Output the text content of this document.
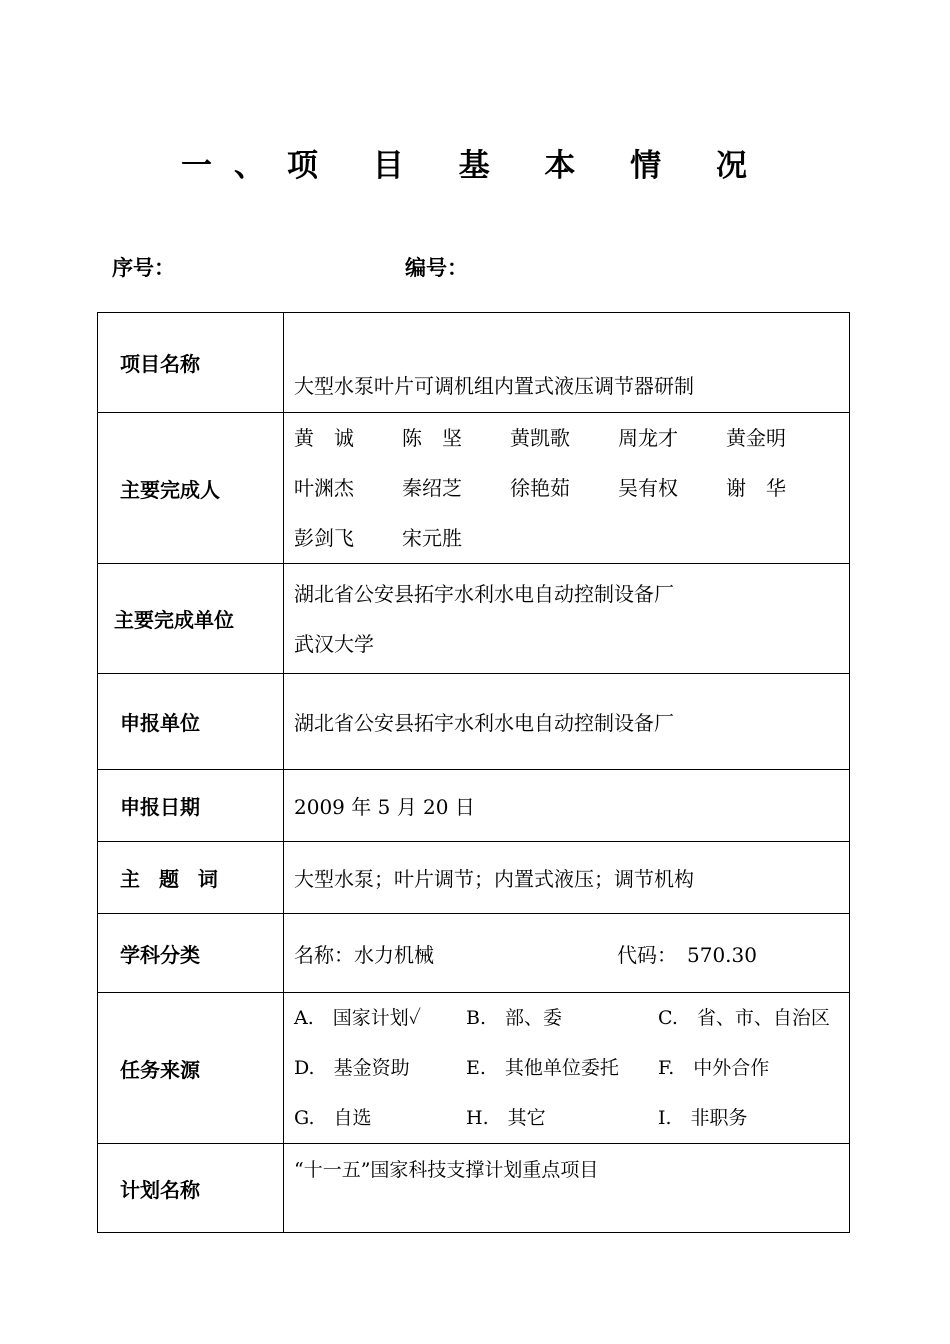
一、项 目 基 本 情 况
序号：	编号：
项目名称	大型水泵叶片可调机组内置式液压调节器研制

主要完成人	黄　诚 陈　坚 黄凯歌 周龙才 黄金明
叶渊杰 秦绍芝 徐艳茹 吴有权 谢　华
彭剑飞 宋元胜

主要完成单位	湖北省公安县拓宇水利水电自动控制设备厂
武汉大学

申报单位	湖北省公安县拓宇水利水电自动控制设备厂
申报日期	2009 年 5 月 20 日
主 题 词	大型水泵；叶片调节；内置式液压；调节机构
学科分类	名称：水力机械 代码：　570.30
任务来源	A.　国家计划✓ B.　部、委 C.　省、市、自治区
D.　基金资助 E.　其他单位委托 F.　中外合作
G.　自选 H.　其它 I.　非职务

计划名称	“十一五”国家科技支撑计划重点项目
